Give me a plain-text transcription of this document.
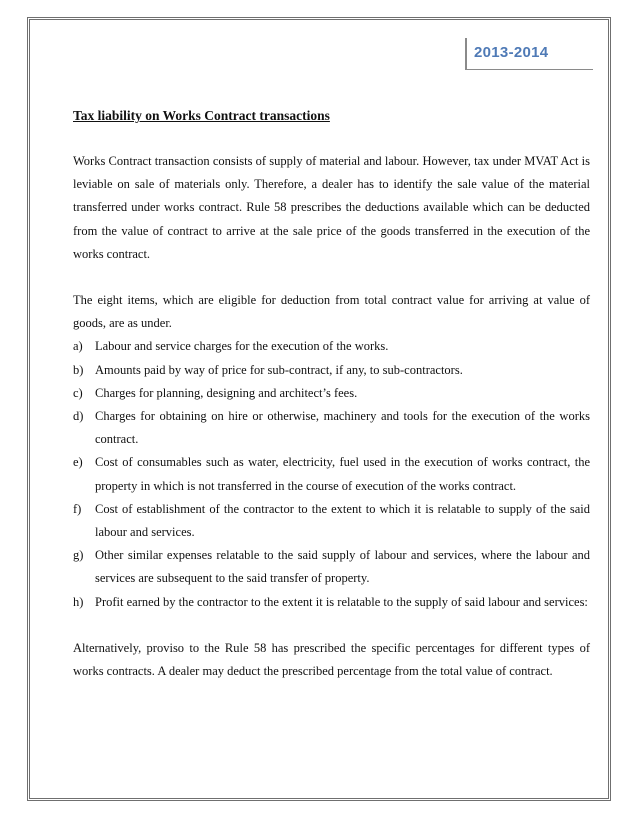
2013-2014
Tax liability on Works Contract transactions

Works Contract transaction consists of supply of material and labour. However, tax under MVAT Act is leviable on sale of materials only. Therefore, a dealer has to identify the sale value of the material transferred under works contract. Rule 58 prescribes the deductions available which can be deducted from the value of contract to arrive at the sale price of the goods transferred in the execution of the works contract.

The eight items, which are eligible for deduction from total contract value for arriving at value of goods, are as under.

a) Labour and service charges for the execution of the works.
b) Amounts paid by way of price for sub-contract, if any, to sub-contractors.
c) Charges for planning, designing and architect’s fees.
d) Charges for obtaining on hire or otherwise, machinery and tools for the execution of the works contract.
e) Cost of consumables such as water, electricity, fuel used in the execution of works contract, the property in which is not transferred in the course of execution of the works contract.
f) Cost of establishment of the contractor to the extent to which it is relatable to supply of the said labour and services.
g) Other similar expenses relatable to the said supply of labour and services, where the labour and services are subsequent to the said transfer of property.
h) Profit earned by the contractor to the extent it is relatable to the supply of said labour and services:

Alternatively, proviso to the Rule 58 has prescribed the specific percentages for different types of works contracts. A dealer may deduct the prescribed percentage from the total value of contract.
